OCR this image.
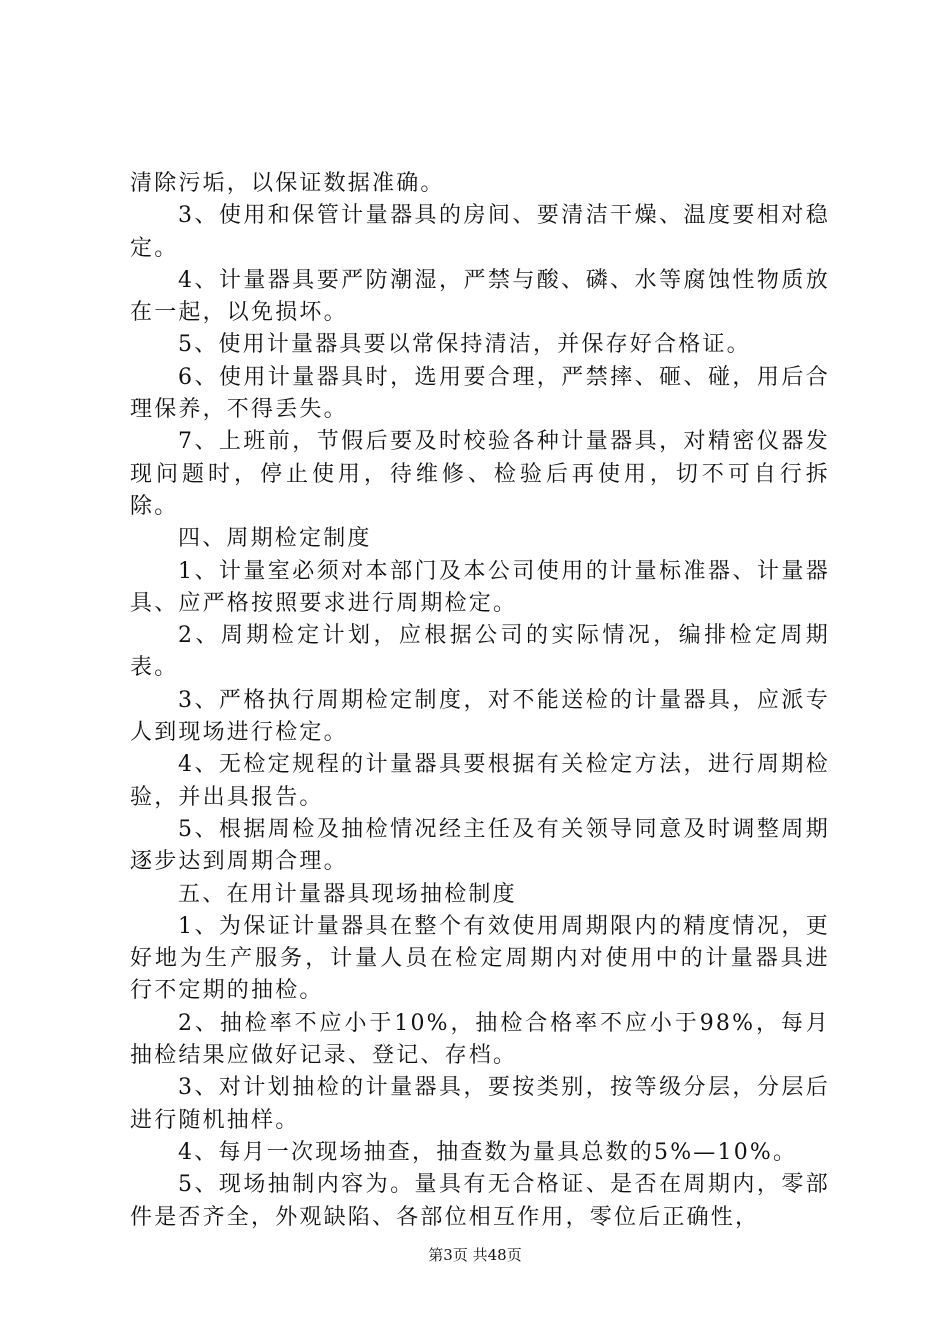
清除污垢，以保证数据准确。

3、使用和保管计量器具的房间、要清洁干燥、温度要相对稳定。

4、计量器具要严防潮湿，严禁与酸、磷、水等腐蚀性物质放在一起，以免损坏。

5、使用计量器具要以常保持清洁，并保存好合格证。

6、使用计量器具时，选用要合理，严禁摔、砸、碰，用后合理保养，不得丢失。

7、上班前，节假后要及时校验各种计量器具，对精密仪器发现问题时，停止使用，待维修、检验后再使用，切不可自行拆除。

四、周期检定制度

1、计量室必须对本部门及本公司使用的计量标准器、计量器具、应严格按照要求进行周期检定。

2、周期检定计划，应根据公司的实际情况，编排检定周期表。

3、严格执行周期检定制度，对不能送检的计量器具，应派专人到现场进行检定。

4、无检定规程的计量器具要根据有关检定方法，进行周期检验，并出具报告。

5、根据周检及抽检情况经主任及有关领导同意及时调整周期逐步达到周期合理。

五、在用计量器具现场抽检制度

1、为保证计量器具在整个有效使用周期限内的精度情况，更好地为生产服务，计量人员在检定周期内对使用中的计量器具进行不定期的抽检。

2、抽检率不应小于10%，抽检合格率不应小于98%，每月抽检结果应做好记录、登记、存档。

3、对计划抽检的计量器具，要按类别，按等级分层，分层后进行随机抽样。

4、每月一次现场抽查，抽查数为量具总数的5%—10%。

5、现场抽制内容为。量具有无合格证、是否在周期内，零部件是否齐全，外观缺陷、各部位相互作用，零位后正确性，

第3页 共48页
